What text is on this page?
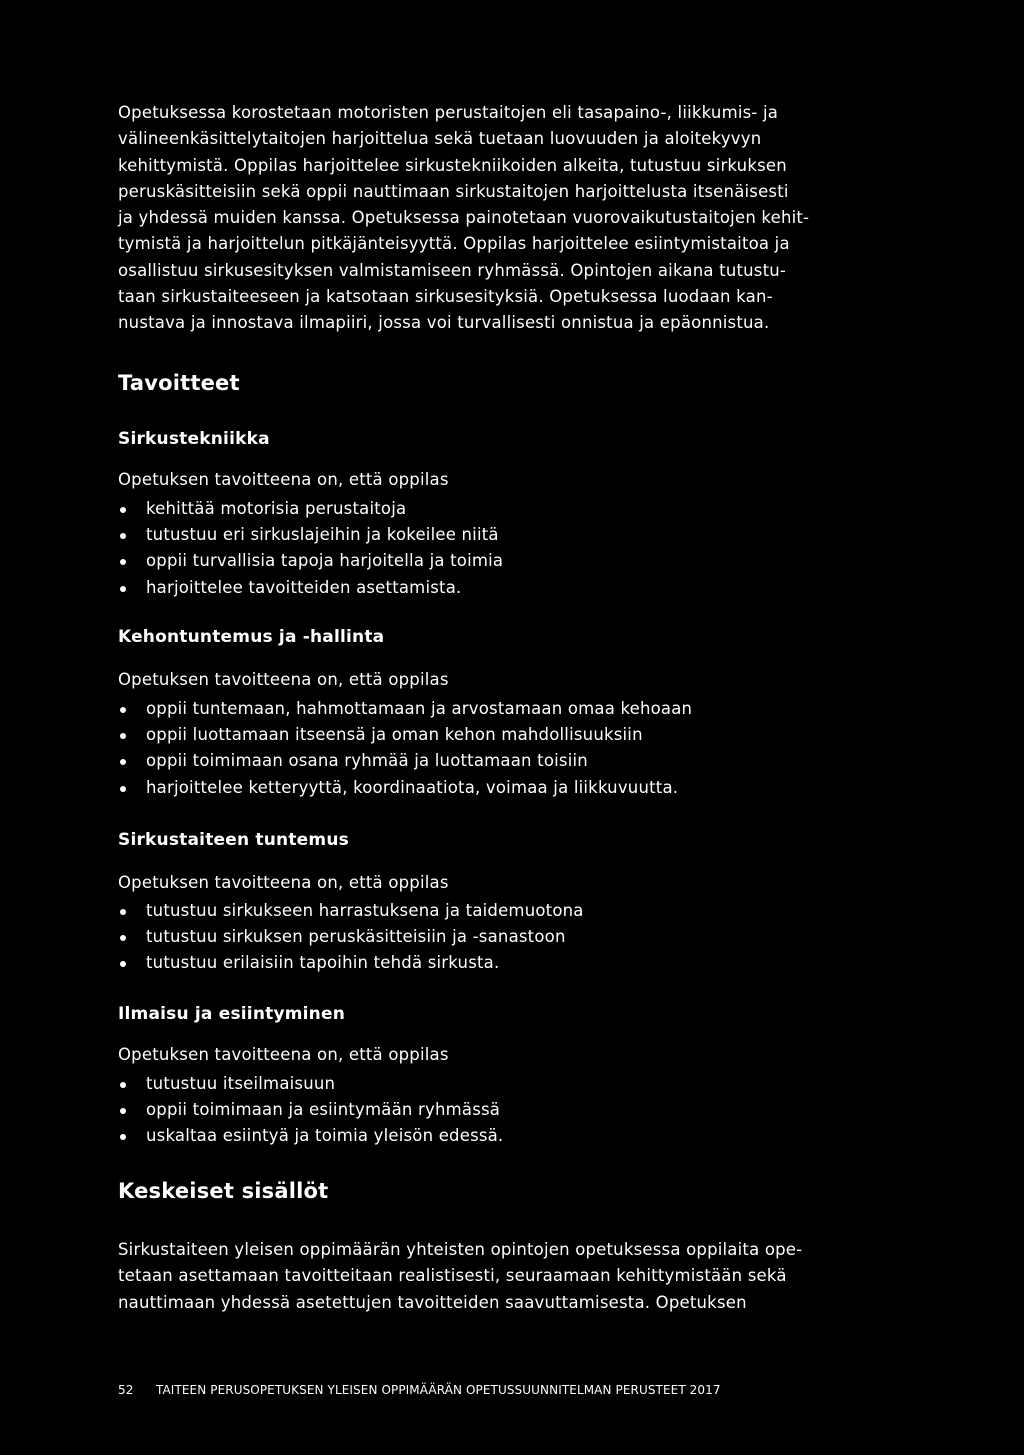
Opetuksessa korostetaan motoristen perustaitojen eli tasapaino-, liikkumis- ja
välineenkäsittelytaitojen harjoittelua sekä tuetaan luovuuden ja aloitekyvyn
kehittymistä. Oppilas harjoittelee sirkustekniikoiden alkeita, tutustuu sirkuksen
peruskäsitteisiin sekä oppii nauttimaan sirkustaitojen harjoittelusta itsenäisesti
ja yhdessä muiden kanssa. Opetuksessa painotetaan vuorovaikutustaitojen kehit-
tymistä ja harjoittelun pitkäjänteisyyttä. Oppilas harjoittelee esiintymistaitoa ja
osallistuu sirkusesityksen valmistamiseen ryhmässä. Opintojen aikana tutustu-
taan sirkustaiteeseen ja katsotaan sirkusesityksiä. Opetuksessa luodaan kan-
nustava ja innostava ilmapiiri, jossa voi turvallisesti onnistua ja epäonnistua.

Tavoitteet
Sirkustekniikka

Opetuksen tavoitteena on, että oppilas

kehittää motorisia perustaitoja
tutustuu eri sirkuslajeihin ja kokeilee niitä
oppii turvallisia tapoja harjoitella ja toimia
harjoittelee tavoitteiden asettamista.
Kehontuntemus ja -hallinta

Opetuksen tavoitteena on, että oppilas

oppii tuntemaan, hahmottamaan ja arvostamaan omaa kehoaan
oppii luottamaan itseensä ja oman kehon mahdollisuuksiin
oppii toimimaan osana ryhmää ja luottamaan toisiin
harjoittelee ketteryyttä, koordinaatiota, voimaa ja liikkuvuutta.
Sirkustaiteen tuntemus

Opetuksen tavoitteena on, että oppilas

tutustuu sirkukseen harrastuksena ja taidemuotona
tutustuu sirkuksen peruskäsitteisiin ja -sanastoon
tutustuu erilaisiin tapoihin tehdä sirkusta.
Ilmaisu ja esiintyminen

Opetuksen tavoitteena on, että oppilas

tutustuu itseilmaisuun
oppii toimimaan ja esiintymään ryhmässä
uskaltaa esiintyä ja toimia yleisön edessä.
Keskeiset sisällöt

Sirkustaiteen yleisen oppimäärän yhteisten opintojen opetuksessa oppilaita ope-
tetaan asettamaan tavoitteitaan realistisesti, seuraamaan kehittymistään sekä
nauttimaan yhdessä asetettujen tavoitteiden saavuttamisesta. Opetuksen

52 TAITEEN PERUSOPETUKSEN YLEISEN OPPIMÄÄRÄN OPETUSSUUNNITELMAN PERUSTEET 2017
